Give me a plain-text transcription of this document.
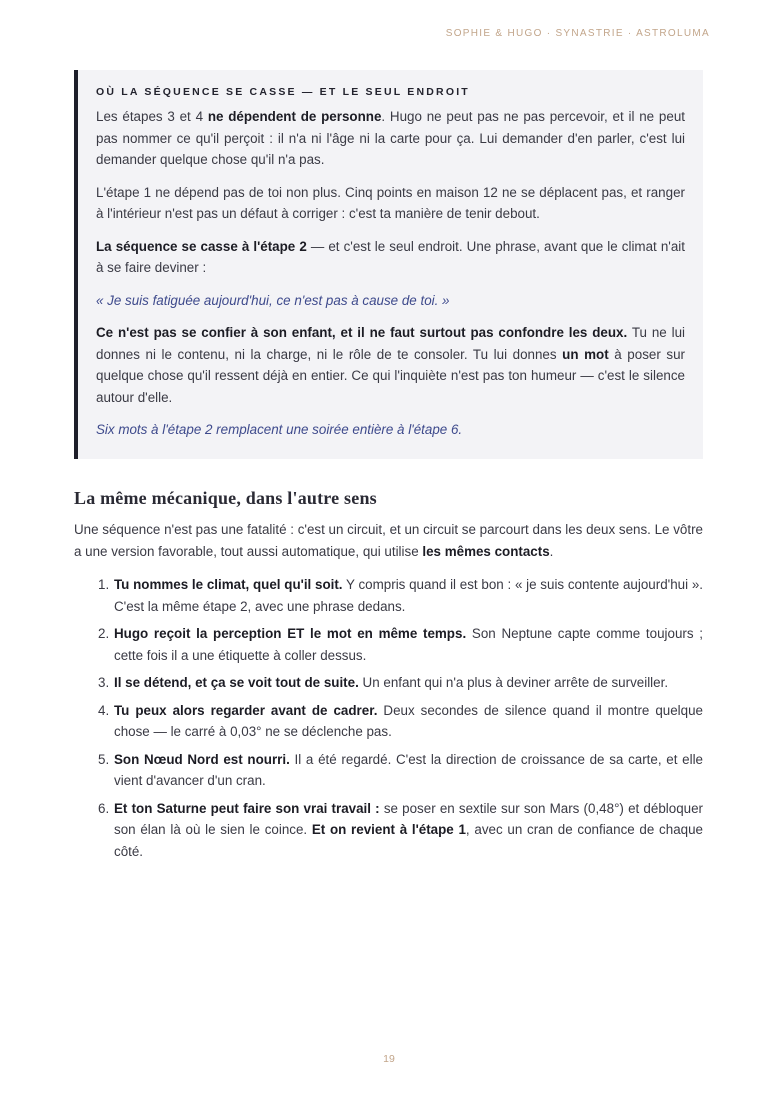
SOPHIE & HUGO · SYNASTRIE · ASTROLUMA
OÙ LA SÉQUENCE SE CASSE — ET LE SEUL ENDROIT

Les étapes 3 et 4 ne dépendent de personne. Hugo ne peut pas ne pas percevoir, et il ne peut pas nommer ce qu'il perçoit : il n'a ni l'âge ni la carte pour ça. Lui demander d'en parler, c'est lui demander quelque chose qu'il n'a pas.

L'étape 1 ne dépend pas de toi non plus. Cinq points en maison 12 ne se déplacent pas, et ranger à l'intérieur n'est pas un défaut à corriger : c'est ta manière de tenir debout.

La séquence se casse à l'étape 2 — et c'est le seul endroit. Une phrase, avant que le climat n'ait à se faire deviner :

« Je suis fatiguée aujourd'hui, ce n'est pas à cause de toi. »

Ce n'est pas se confier à son enfant, et il ne faut surtout pas confondre les deux. Tu ne lui donnes ni le contenu, ni la charge, ni le rôle de te consoler. Tu lui donnes un mot à poser sur quelque chose qu'il ressent déjà en entier. Ce qui l'inquiète n'est pas ton humeur — c'est le silence autour d'elle.

Six mots à l'étape 2 remplacent une soirée entière à l'étape 6.

La même mécanique, dans l'autre sens

Une séquence n'est pas une fatalité : c'est un circuit, et un circuit se parcourt dans les deux sens. Le vôtre a une version favorable, tout aussi automatique, qui utilise les mêmes contacts.

1. Tu nommes le climat, quel qu'il soit. Y compris quand il est bon : « je suis contente aujourd'hui ». C'est la même étape 2, avec une phrase dedans.
2. Hugo reçoit la perception ET le mot en même temps. Son Neptune capte comme toujours ; cette fois il a une étiquette à coller dessus.
3. Il se détend, et ça se voit tout de suite. Un enfant qui n'a plus à deviner arrête de surveiller.
4. Tu peux alors regarder avant de cadrer. Deux secondes de silence quand il montre quelque chose — le carré à 0,03° ne se déclenche pas.
5. Son Nœud Nord est nourri. Il a été regardé. C'est la direction de croissance de sa carte, et elle vient d'avancer d'un cran.
6. Et ton Saturne peut faire son vrai travail : se poser en sextile sur son Mars (0,48°) et débloquer son élan là où le sien le coince. Et on revient à l'étape 1, avec un cran de confiance de chaque côté.
19
